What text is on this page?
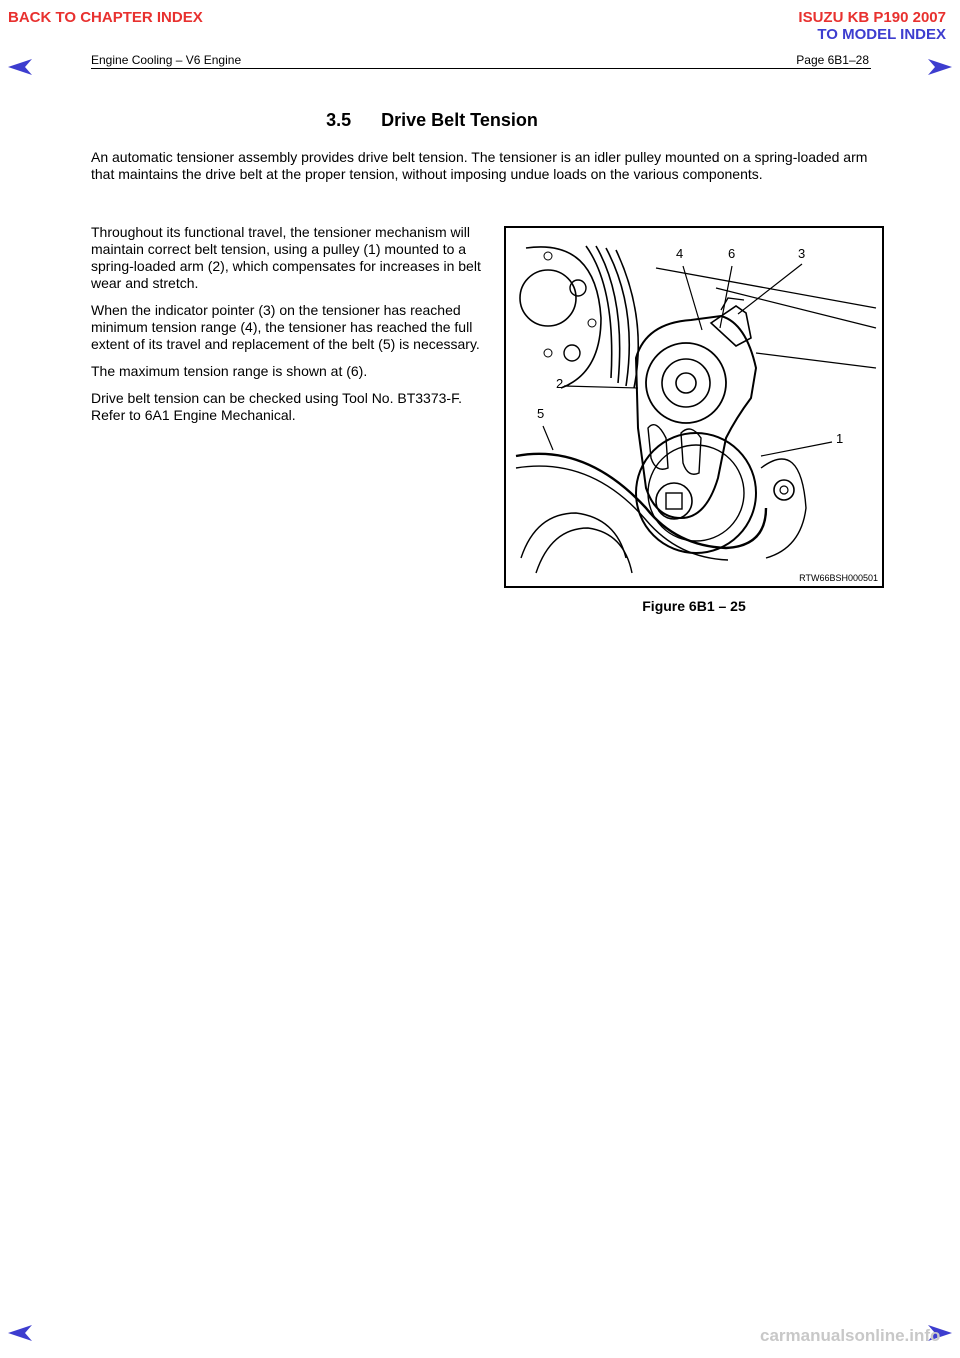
BACK TO CHAPTER INDEX	ISUZU KB P190 2007
TO MODEL INDEX
Engine Cooling – V6 Engine	Page 6B1–28
3.5      Drive Belt Tension

An automatic tensioner assembly provides drive belt tension. The tensioner is an idler pulley mounted on a spring-loaded arm that maintains the drive belt at the proper tension, without imposing undue loads on the various components.

Throughout its functional travel, the tensioner mechanism will maintain correct belt tension, using a pulley (1) mounted to a spring-loaded arm (2), which compensates for increases in belt wear and stretch.

When the indicator pointer (3) on the tensioner has reached minimum tension range (4), the tensioner has reached the full extent of its travel and replacement of the belt (5) is necessary.

The maximum tension range is shown at (6).

Drive belt tension can be checked using Tool No. BT3373-F. Refer to 6A1 Engine Mechanical.

4	6	3
2
5
1
RTW66BSH000501
Figure 6B1 – 25
carmanualsonline.info
